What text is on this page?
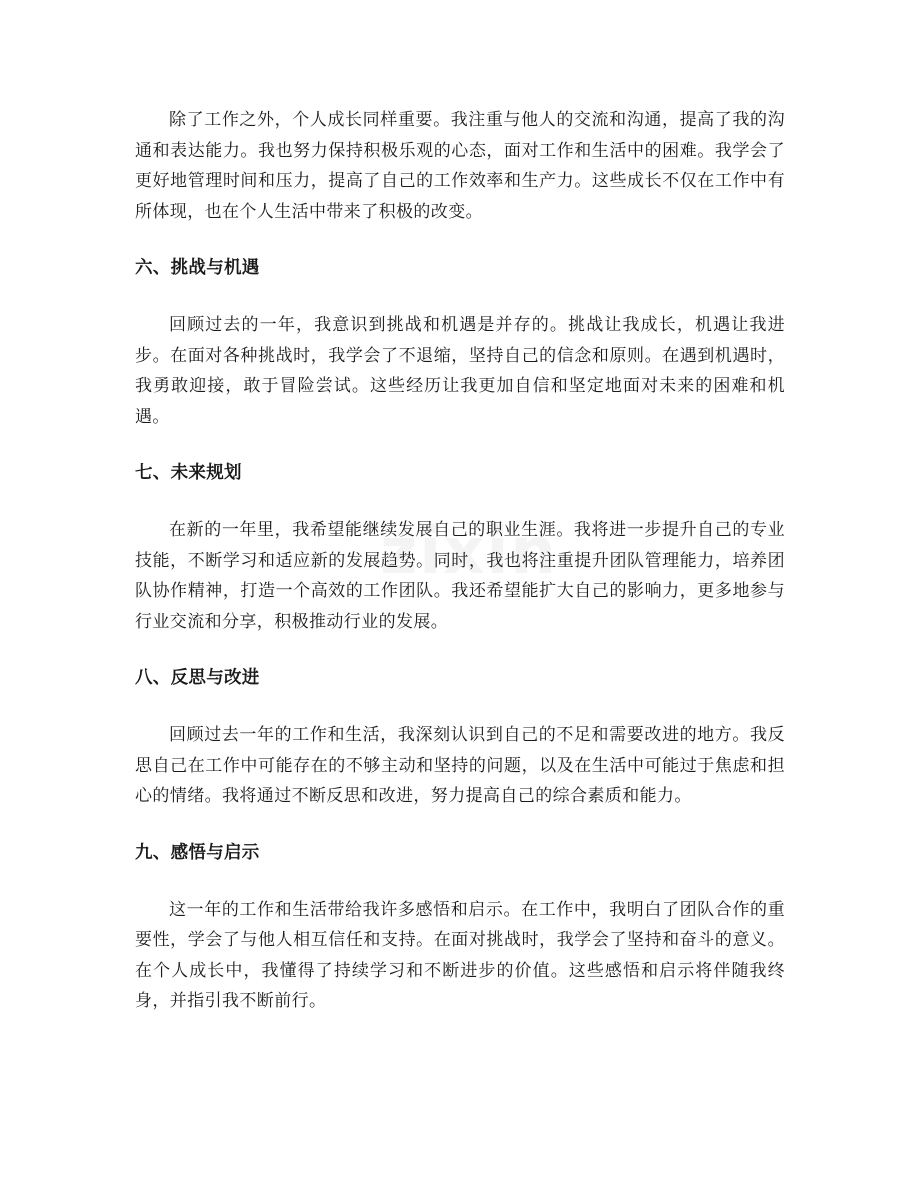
除了工作之外，个人成长同样重要。我注重与他人的交流和沟通，提高了我的沟通和表达能力。我也努力保持积极乐观的心态，面对工作和生活中的困难。我学会了更好地管理时间和压力，提高了自己的工作效率和生产力。这些成长不仅在工作中有所体现，也在个人生活中带来了积极的改变。

六、挑战与机遇

回顾过去的一年，我意识到挑战和机遇是并存的。挑战让我成长，机遇让我进步。在面对各种挑战时，我学会了不退缩，坚持自己的信念和原则。在遇到机遇时，我勇敢迎接，敢于冒险尝试。这些经历让我更加自信和坚定地面对未来的困难和机遇。

七、未来规划

在新的一年里，我希望能继续发展自己的职业生涯。我将进一步提升自己的专业技能，不断学习和适应新的发展趋势。同时，我也将注重提升团队管理能力，培养团队协作精神，打造一个高效的工作团队。我还希望能扩大自己的影响力，更多地参与行业交流和分享，积极推动行业的发展。

八、反思与改进

回顾过去一年的工作和生活，我深刻认识到自己的不足和需要改进的地方。我反思自己在工作中可能存在的不够主动和坚持的问题，以及在生活中可能过于焦虑和担心的情绪。我将通过不断反思和改进，努力提高自己的综合素质和能力。

九、感悟与启示

这一年的工作和生活带给我许多感悟和启示。在工作中，我明白了团队合作的重要性，学会了与他人相互信任和支持。在面对挑战时，我学会了坚持和奋斗的意义。在个人成长中，我懂得了持续学习和不断进步的价值。这些感悟和启示将伴随我终身，并指引我不断前行。
